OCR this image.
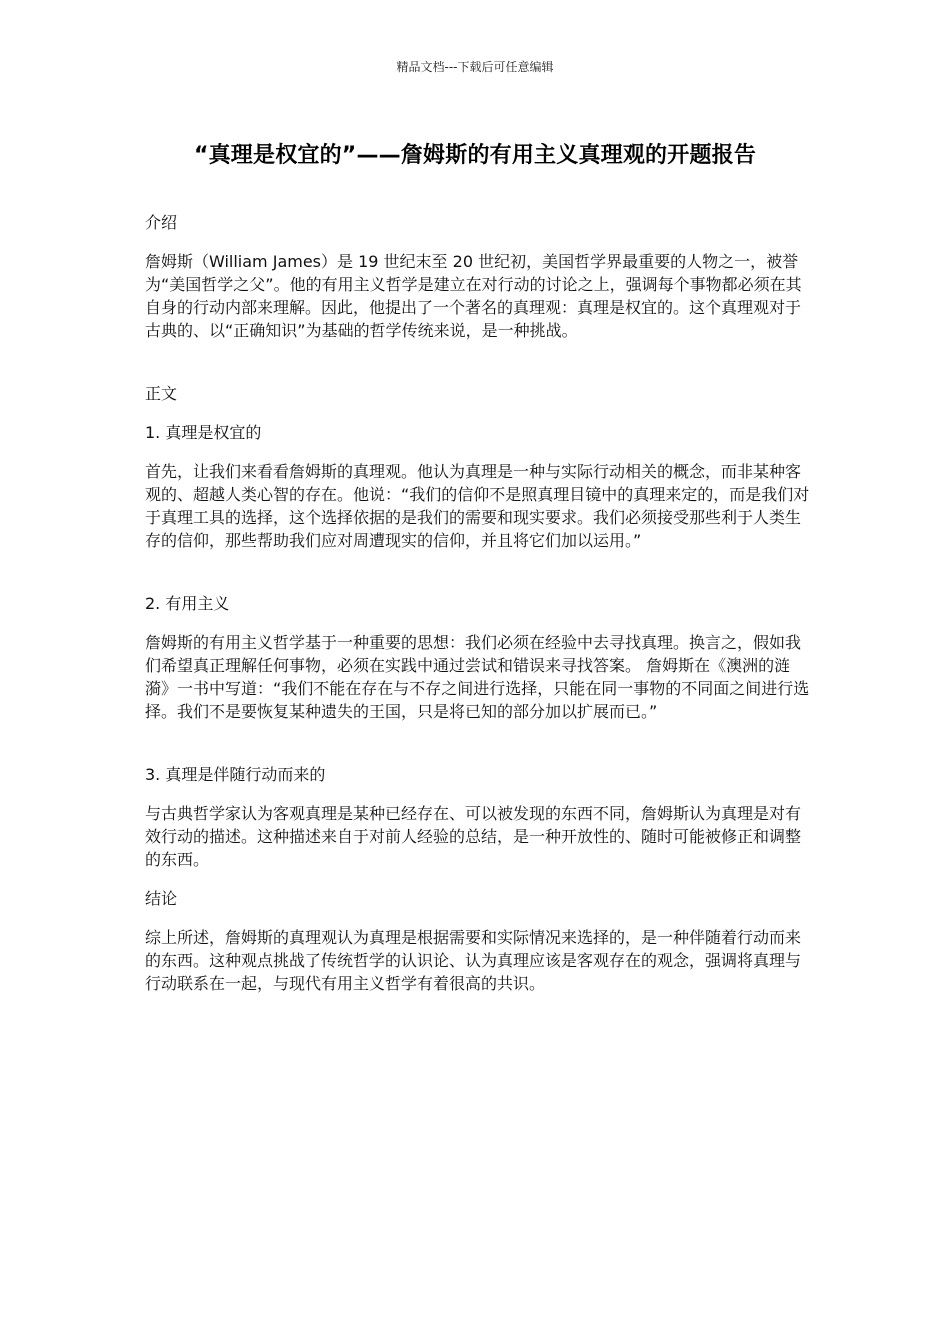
精品文档---下载后可任意编辑
“真理是权宜的”——詹姆斯的有用主义真理观的开题报告
介绍
詹姆斯（William James）是 19 世纪末至 20 世纪初，美国哲学界最重要的人物之一，被誉为“美国哲学之父”。他的有用主义哲学是建立在对行动的讨论之上，强调每个事物都必须在其自身的行动内部来理解。因此，他提出了一个著名的真理观：真理是权宜的。这个真理观对于古典的、以“正确知识”为基础的哲学传统来说，是一种挑战。
正文
1. 真理是权宜的
首先，让我们来看看詹姆斯的真理观。他认为真理是一种与实际行动相关的概念，而非某种客观的、超越人类心智的存在。他说：“我们的信仰不是照真理目镜中的真理来定的，而是我们对于真理工具的选择，这个选择依据的是我们的需要和现实要求。我们必须接受那些利于人类生存的信仰，那些帮助我们应对周遭现实的信仰，并且将它们加以运用。”
2. 有用主义
詹姆斯的有用主义哲学基于一种重要的思想：我们必须在经验中去寻找真理。换言之，假如我们希望真正理解任何事物，必须在实践中通过尝试和错误来寻找答案。 詹姆斯在《澳洲的涟漪》一书中写道：“我们不能在存在与不存之间进行选择，只能在同一事物的不同面之间进行选择。我们不是要恢复某种遗失的王国，只是将已知的部分加以扩展而已。”
3. 真理是伴随行动而来的
与古典哲学家认为客观真理是某种已经存在、可以被发现的东西不同，詹姆斯认为真理是对有效行动的描述。这种描述来自于对前人经验的总结，是一种开放性的、随时可能被修正和调整的东西。
结论
综上所述，詹姆斯的真理观认为真理是根据需要和实际情况来选择的，是一种伴随着行动而来的东西。这种观点挑战了传统哲学的认识论、认为真理应该是客观存在的观念，强调将真理与行动联系在一起，与现代有用主义哲学有着很高的共识。
